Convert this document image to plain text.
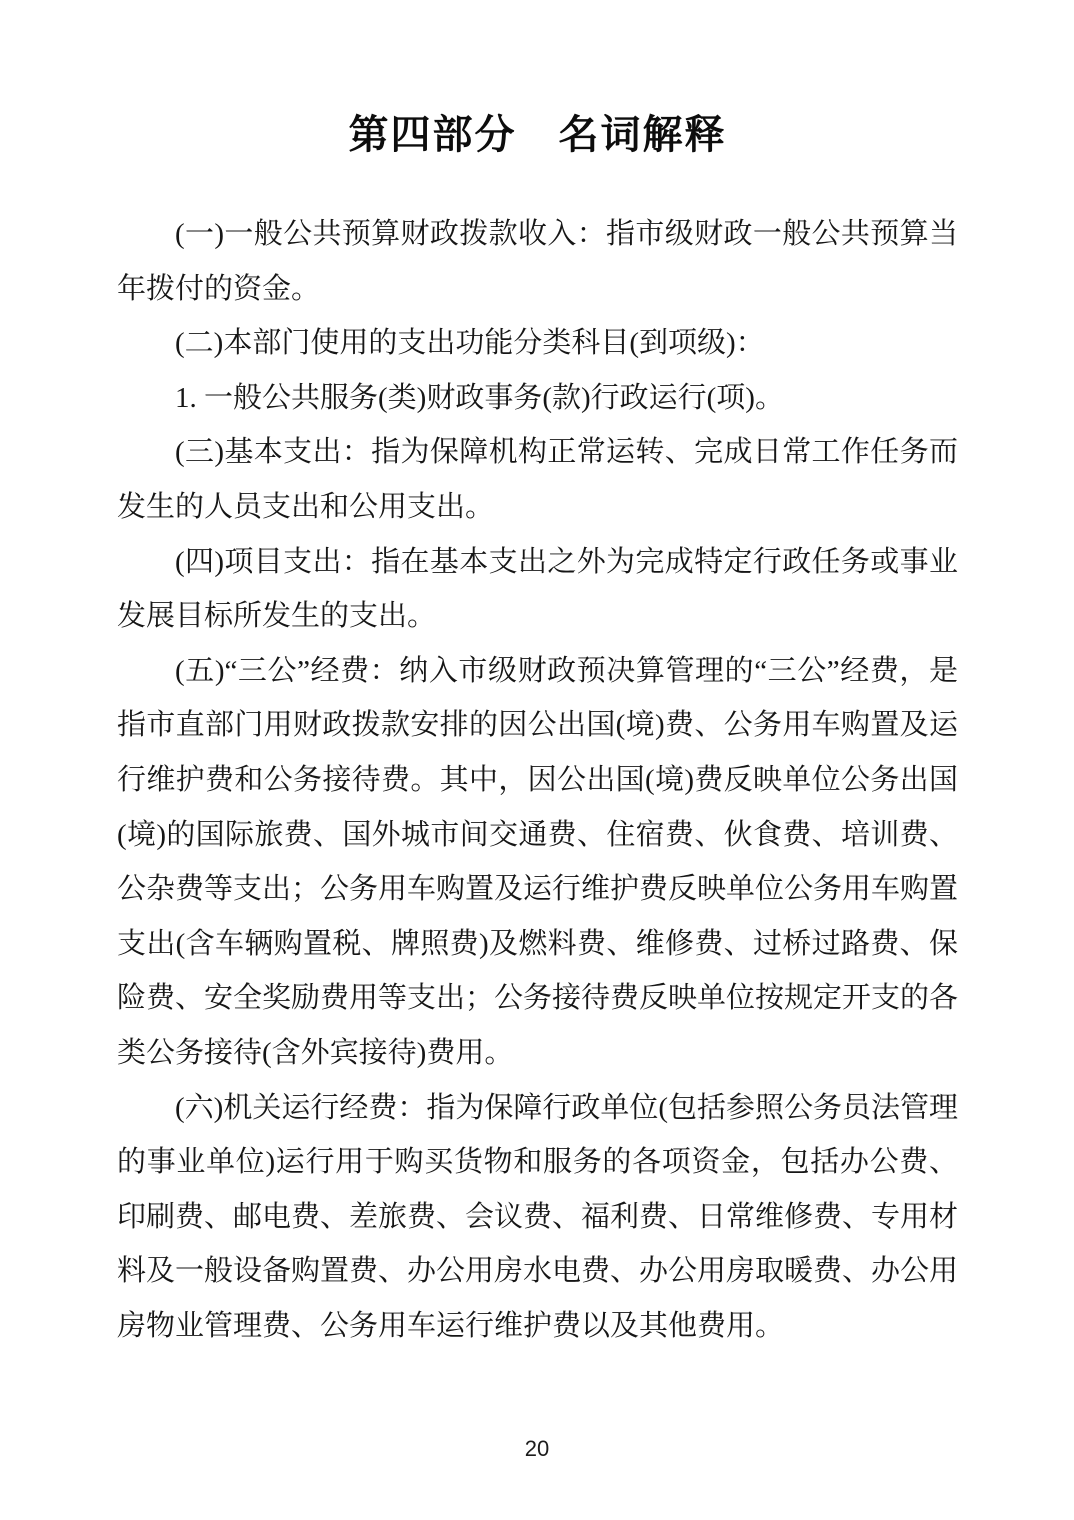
第四部分　名词解释

(一)一般公共预算财政拨款收入：指市级财政一般公共预算当年拨付的资金。

(二)本部门使用的支出功能分类科目(到项级)：

1. 一般公共服务(类)财政事务(款)行政运行(项)。

(三)基本支出：指为保障机构正常运转、完成日常工作任务而发生的人员支出和公用支出。

(四)项目支出：指在基本支出之外为完成特定行政任务或事业发展目标所发生的支出。

(五)“三公”经费：纳入市级财政预决算管理的“三公”经费，是指市直部门用财政拨款安排的因公出国(境)费、公务用车购置及运行维护费和公务接待费。其中，因公出国(境)费反映单位公务出国(境)的国际旅费、国外城市间交通费、住宿费、伙食费、培训费、公杂费等支出；公务用车购置及运行维护费反映单位公务用车购置支出(含车辆购置税、牌照费)及燃料费、维修费、过桥过路费、保险费、安全奖励费用等支出；公务接待费反映单位按规定开支的各类公务接待(含外宾接待)费用。

(六)机关运行经费：指为保障行政单位(包括参照公务员法管理的事业单位)运行用于购买货物和服务的各项资金，包括办公费、印刷费、邮电费、差旅费、会议费、福利费、日常维修费、专用材料及一般设备购置费、办公用房水电费、办公用房取暖费、办公用房物业管理费、公务用车运行维护费以及其他费用。

20
